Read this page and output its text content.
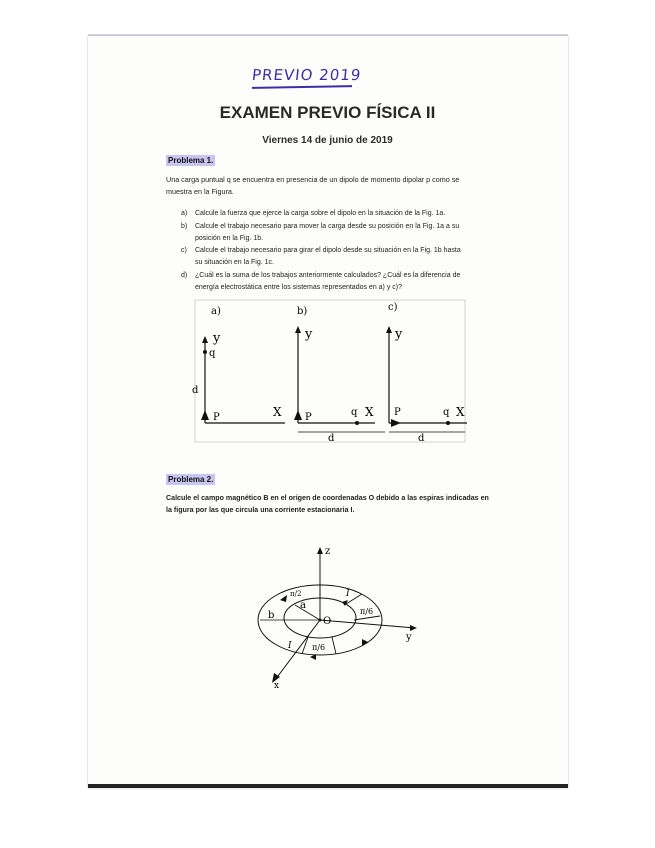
PREVIO 2019
EXAMEN PREVIO FÍSICA II
Viernes 14 de junio de 2019
Problema 1.
Una carga puntual q se encuentra en presencia de un dipolo de momento dipolar p como se
muestra en la Figura.
a) Calcule la fuerza que ejerce la carga sobre el dipolo en la situación de la Fig. 1a.
b) Calcule el trabajo necesario para mover la carga desde su posición en la Fig. 1a a su
posición en la Fig. 1b.
c) Calcule el trabajo necesario para girar el dipolo desde su situación en la Fig. 1b hasta
su situación en la Fig. 1c.
d) ¿Cuál es la suma de los trabajos anteriormente calculados? ¿Cuál es la diferencia de
energía electrostática entre los sistemas representados en a) y c)?
a)
y
X
q
P
d
b)
y
X
P	q
d
c)
y
X
P	q
d
Problema 2.
Calcule el campo magnético B en el origen de coordenadas O debido a las espiras indicadas en
la figura por las que circula una corriente estacionaria I.
z
y
x
O
a
b
π/2
π/6
I
π/6
I
